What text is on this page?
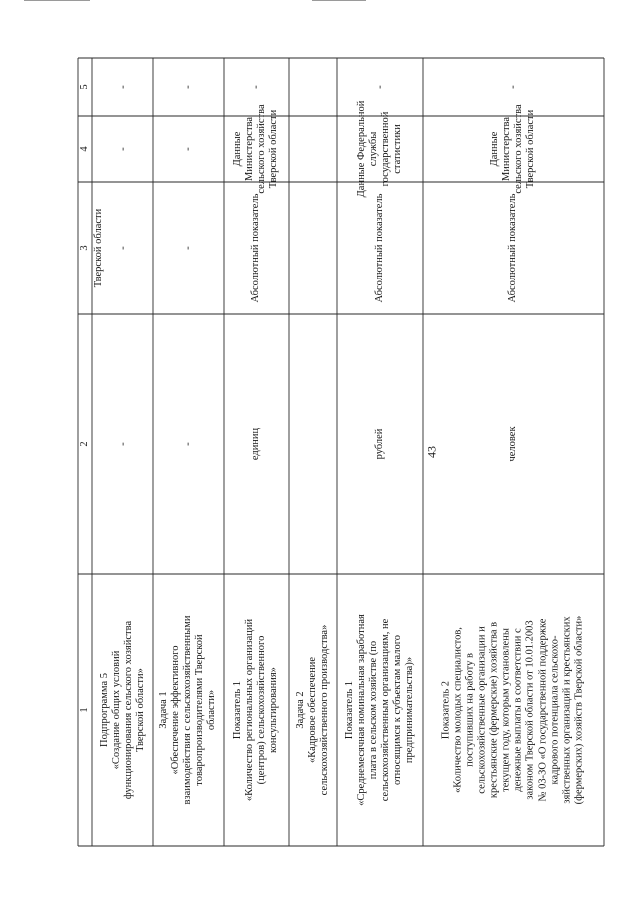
43
1
2
3
4
5
Тверской области
Подпрограмма 5
«Создание общих условий
функционирования сельского хозяйства
Тверской области»
-
-
-
-
Задача 1
«Обеспечение эффективного
взаимодействия с сельскохозяйственными
товаропроизводителями Тверской
области»
-
-
-
-
Показатель 1
«Количество региональных организаций
(центров) сельскохозяйственного
консультирования»
единиц
Абсолютный показатель
Данные
Министерства
сельского хозяйства
Тверской области
-
Задача 2
«Кадровое обеспечение
сельскохозяйственного производства»
Показатель 1
«Среднемесячная номинальная заработная
плата в сельском хозяйстве (по
сельскохозяйственным организациям, не
относящимся к субъектам малого
предпринимательства)»
рублей
Абсолютный показатель
Данные Федеральной
службы
государственной
статистики
-
Показатель 2
«Количество молодых специалистов,
поступивших на работу в
сельскохозяйственные организации и
крестьянские (фермерские) хозяйства в
текущем году, которым установлены
денежные выплаты в соответствии с
законом Тверской области от 10.01.2003
№ 03-ЗО «О государственной поддержке
кадрового потенциала сельскохо-
зяйственных организаций и крестьянских
(фермерских) хозяйств Тверской области»
человек
Абсолютный показатель
Данные
Министерства
сельского хозяйства
Тверской области
-
